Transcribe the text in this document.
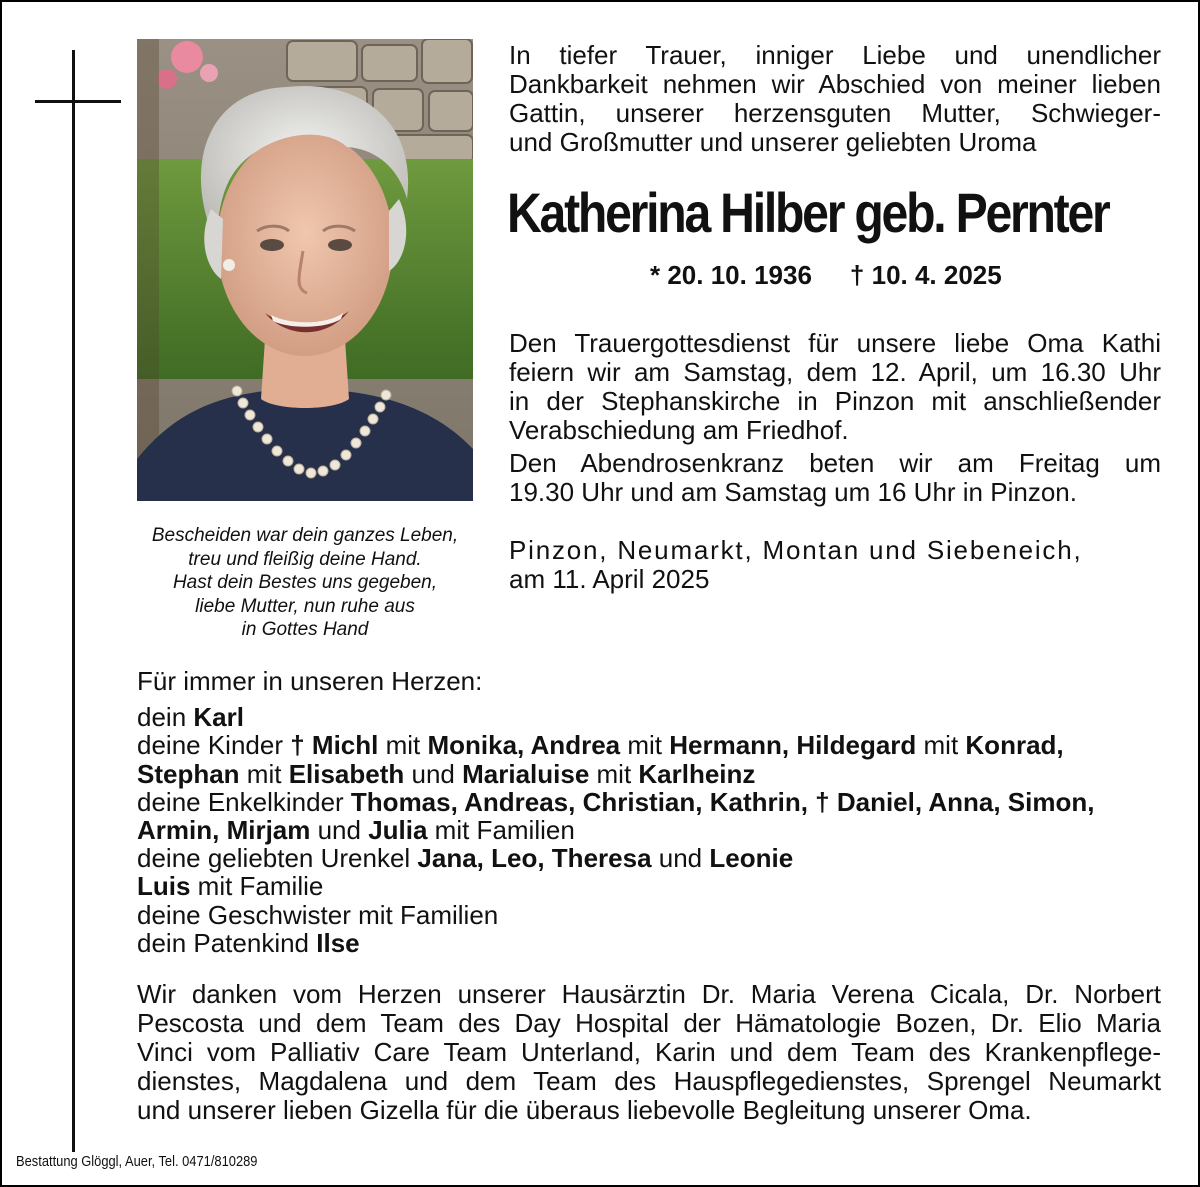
Bescheiden war dein ganzes Leben,
treu und fleißig deine Hand.
Hast dein Bestes uns gegeben,
liebe Mutter, nun ruhe aus
in Gottes Hand
In tiefer Trauer, inniger Liebe und unendlicher
Dankbarkeit nehmen wir Abschied von meiner lieben
Gattin, unserer herzensguten Mutter, Schwieger-
und Großmutter und unserer geliebten Uroma
Katherina Hilber geb. Pernter
* 20. 10. 1936 † 10. 4. 2025
Den Trauergottesdienst für unsere liebe Oma Kathi
feiern wir am Samstag, dem 12. April, um 16.30 Uhr
in der Stephanskirche in Pinzon mit anschließender
Verabschiedung am Friedhof.
Den Abendrosenkranz beten wir am Freitag um
19.30 Uhr und am Samstag um 16 Uhr in Pinzon.
Pinzon, Neumarkt, Montan und Siebeneich,
am 11. April 2025
Für immer in unseren Herzen:
dein Karl
deine Kinder † Michl mit Monika, Andrea mit Hermann, Hildegard mit Konrad,
Stephan mit Elisabeth und Marialuise mit Karlheinz
deine Enkelkinder Thomas, Andreas, Christian, Kathrin, † Daniel, Anna, Simon,
Armin, Mirjam und Julia mit Familien
deine geliebten Urenkel Jana, Leo, Theresa und Leonie
Luis mit Familie
deine Geschwister mit Familien
dein Patenkind Ilse
Wir danken vom Herzen unserer Hausärztin Dr. Maria Verena Cicala, Dr. Norbert
Pescosta und dem Team des Day Hospital der Hämatologie Bozen, Dr. Elio Maria
Vinci vom Palliativ Care Team Unterland, Karin und dem Team des Krankenpflege-
dienstes, Magdalena und dem Team des Hauspflegedienstes, Sprengel Neumarkt
und unserer lieben Gizella für die überaus liebevolle Begleitung unserer Oma.
Bestattung Glöggl, Auer, Tel. 0471/810289
